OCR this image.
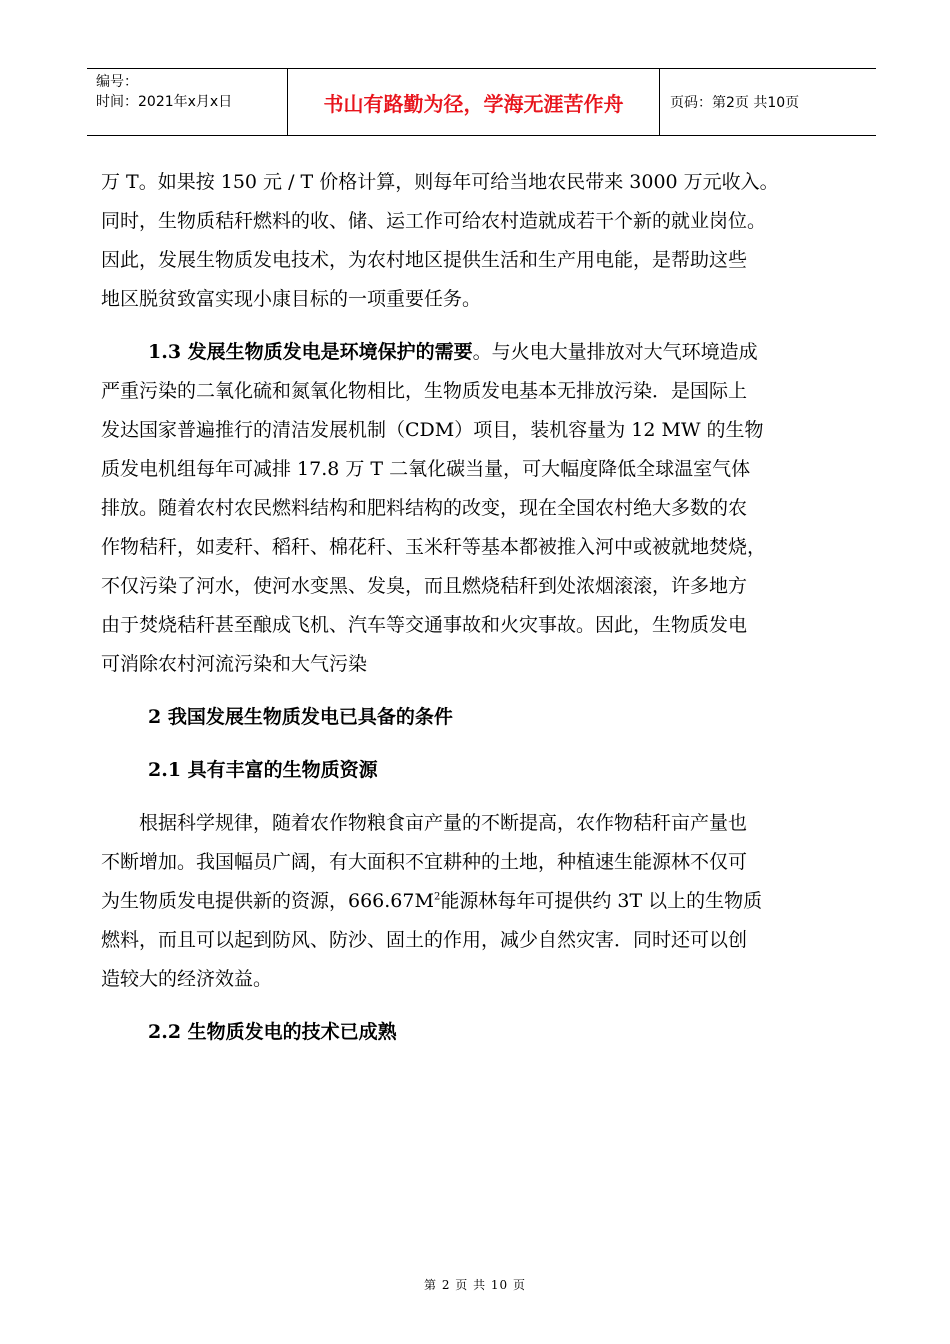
编号：
时间：2021年x月x日	书山有路勤为径，学海无涯苦作舟	页码：第2页 共10页

万 T。如果按 150 元 / T 价格计算，则每年可给当地农民带来 3000 万元收入。

同时，生物质秸秆燃料的收、储、运工作可给农村造就成若干个新的就业岗位。

因此，发展生物质发电技术，为农村地区提供生活和生产用电能，是帮助这些

地区脱贫致富实现小康目标的一项重要任务。

1.3 发展生物质发电是环境保护的需要。与火电大量排放对大气环境造成

严重污染的二氧化硫和氮氧化物相比，生物质发电基本无排放污染．是国际上

发达国家普遍推行的清洁发展机制（CDM）项目，装机容量为 12 MW 的生物

质发电机组每年可减排 17.8 万 T 二氧化碳当量，可大幅度降低全球温室气体

排放。随着农村农民燃料结构和肥料结构的改变，现在全国农村绝大多数的农

作物秸秆，如麦秆、稻秆、棉花秆、玉米秆等基本都被推入河中或被就地焚烧，

不仅污染了河水，使河水变黑、发臭，而且燃烧秸秆到处浓烟滚滚，许多地方

由于焚烧秸秆甚至酿成飞机、汽车等交通事故和火灾事故。因此，生物质发电

可消除农村河流污染和大气污染

2 我国发展生物质发电已具备的条件

2.1 具有丰富的生物质资源

根据科学规律，随着农作物粮食亩产量的不断提高，农作物秸秆亩产量也

不断增加。我国幅员广阔，有大面积不宜耕种的土地，种植速生能源林不仅可

为生物质发电提供新的资源，$666.67M^2$能源林每年可提供约 3T 以上的生物质

燃料，而且可以起到防风、防沙、固土的作用，减少自然灾害．同时还可以创

造较大的经济效益。

2.2 生物质发电的技术已成熟

第 2 页 共 10 页
